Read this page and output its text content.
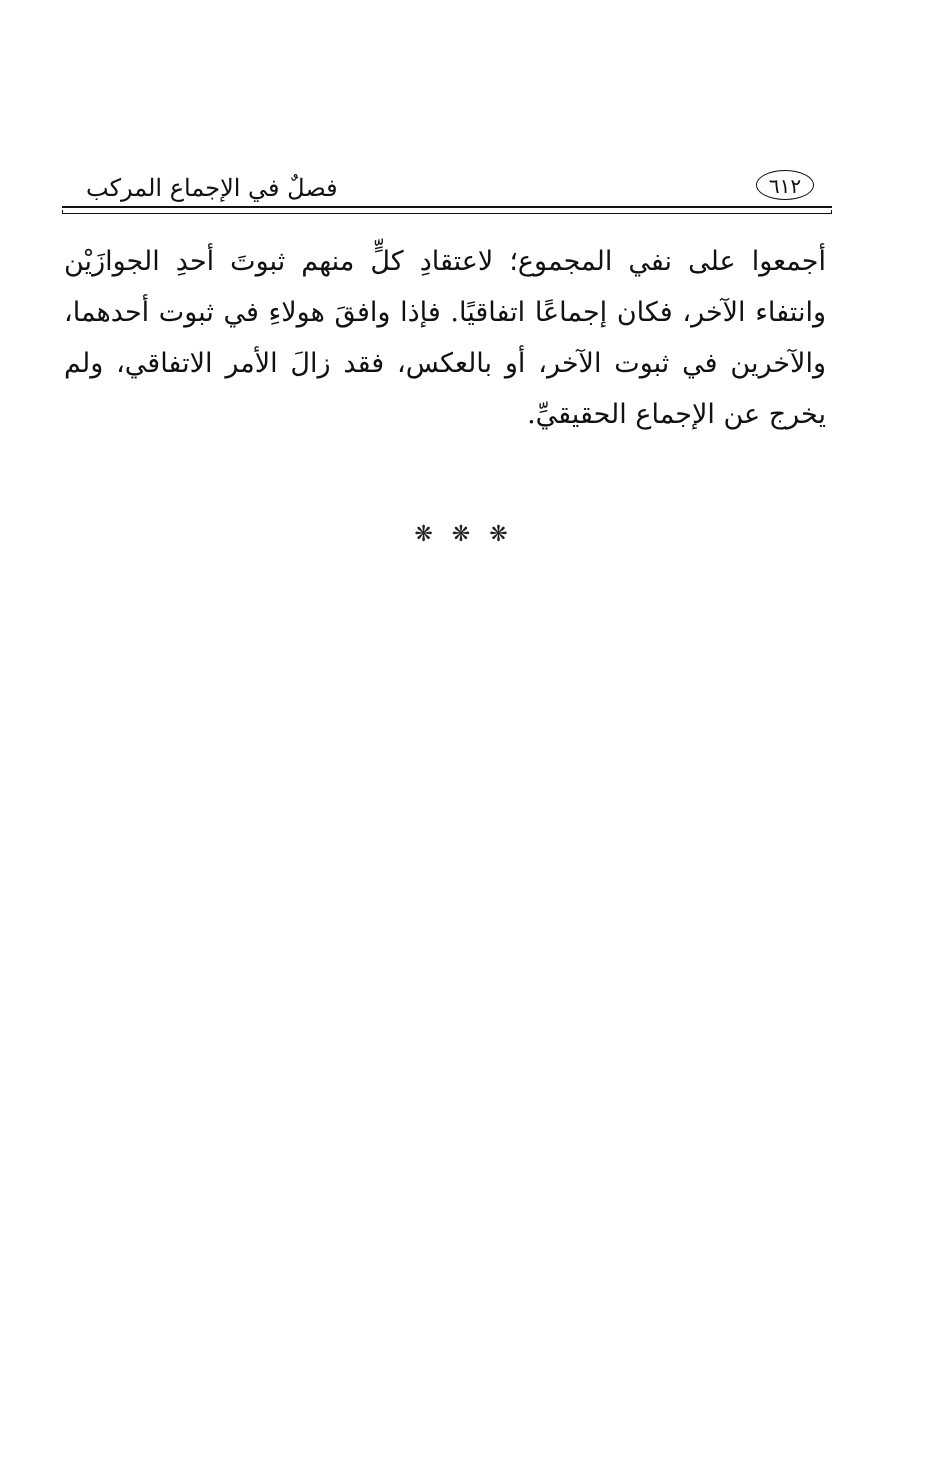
فصلٌ في الإجماع المركب	٦١٢

أجمعوا على نفي المجموع؛ لاعتقادِ كلٍّ منهم ثبوتَ أحدِ الجوازَيْن وانتفاء الآخر، فكان إجماعًا اتفاقيًا. فإذا وافقَ هولاءِ في ثبوت أحدهما، والآخرين في ثبوت الآخر، أو بالعكس، فقد زالَ الأمر الاتفاقي، ولم يخرج عن الإجماع الحقيقيِّ.

❋ ❋ ❋
